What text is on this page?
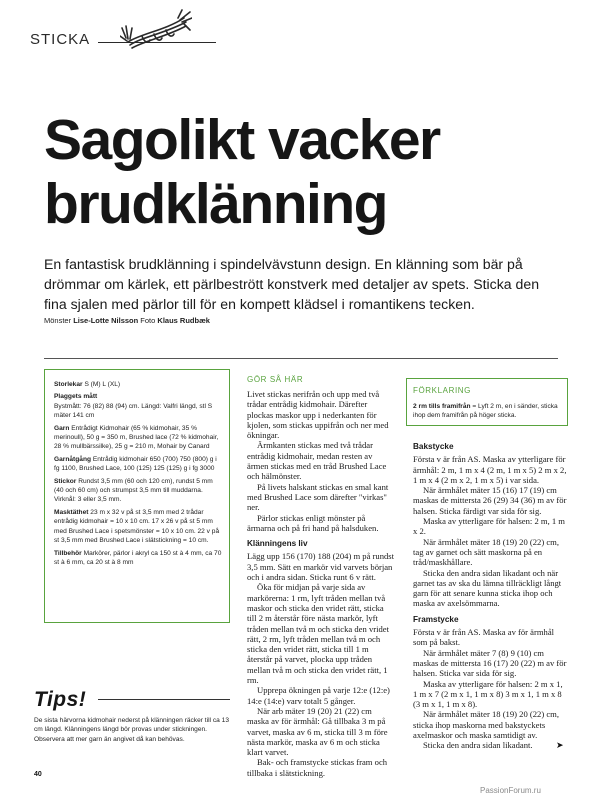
STICKA
Sagolikt vacker
brudklänning
En fantastisk brudklänning i spindelvävstunn design. En klänning som bär på drömmar om kärlek, ett pärlbestrött konstverk med detaljer av spets. Sticka den fina sjalen med pärlor till för en kompett klädsel i romantikens tecken.
Mönster Lise-Lotte Nilsson Foto Klaus Rudbæk

Storlekar S (M) L (XL)

Plaggets mått
Bystmått: 76 (82) 88 (94) cm. Längd: Valfri längd, stl S mäter 141 cm

Garn Entrådigt Kidmohair (65 % kidmohair, 35 % merinoull), 50 g = 350 m, Brushed lace (72 % kidmohair, 28 % mullbärssilke), 25 g = 210 m, Mohair by Canard

Garnåtgång Entrådig kidmohair 650 (700) 750 (800) g i fg 1100, Brushed Lace, 100 (125) 125 (125) g i fg 3000

Stickor Rundst 3,5 mm (60 och 120 cm), rundst 5 mm (40 och 60 cm) och strumpst 3,5 mm till muddarna. Virknål: 3 eller 3,5 mm.

Masktäthet 23 m x 32 v på st 3,5 mm med 2 trådar entrådig kidmohair = 10 x 10 cm. 17 x 26 v på st 5 mm med Brushed Lace i spetsmönster = 10 x 10 cm. 22 v på st 3,5 mm med Brushed Lace i slätstickning = 10 cm.

Tillbehör Markörer, pärlor i akryl ca 150 st à 4 mm, ca 70 st à 6 mm, ca 20 st à 8 mm

GÖR SÅ HÄR

Livet stickas nerifrån och upp med två trådar entrådig kidmohair. Därefter plockas maskor upp i nederkanten för kjolen, som stickas uppifrån och ner med ökningar.

Ärmkanten stickas med två trådar entrådig kidmohair, medan resten av ärmen stickas med en tråd Brushed Lace och hälmönster.

På livets halskant stickas en smal kant med Brushed Lace som därefter "virkas" ner.

Pärlor stickas enligt mönster på ärmarna och på fri hand på halsduken.

Klänningens liv

Lägg upp 156 (170) 188 (204) m på rundst 3,5 mm. Sätt en markör vid varvets början och i andra sidan. Sticka runt 6 v rätt.

Öka för midjan på varje sida av markörerna: 1 rm, lyft tråden mellan två maskor och sticka den vridet rätt, sticka till 2 m återstår före nästa markör, lyft tråden mellan två m och sticka den vridet rätt, 2 rm, lyft tråden mellan två m och sticka den vridet rätt, sticka till 1 m återstår på varvet, plocka upp tråden mellan två m och sticka den vridet rätt, 1 rm.

Upprepa ökningen på varje 12:e (12:e) 14:e (14:e) varv totalt 5 gånger.

När arb mäter 19 (20) 21 (22) cm maska av för ärmhål: Gå tillbaka 3 m på varvet, maska av 6 m, sticka till 3 m före nästa markör, maska av 6 m och sticka klart varvet.

Bak- och framstycke stickas fram och tillbaka i slätstickning.

FÖRKLARING
2 rm tills framifrån = Lyft 2 m, en i sänder, sticka ihop dem framifrån på höger sticka.
Bakstycke

Första v är från AS. Maska av ytterligare för ärmhål: 2 m, 1 m x 4 (2 m, 1 m x 5) 2 m x 2, 1 m x 4 (2 m x 2, 1 m x 5) i var sida.

När ärmhålet mäter 15 (16) 17 (19) cm maskas de mittersta 26 (29) 34 (36) m av för halsen. Sticka färdigt var sida för sig.

Maska av ytterligare för halsen: 2 m, 1 m x 2.

När ärmhålet mäter 18 (19) 20 (22) cm, tag av garnet och sätt maskorna på en tråd/maskhållare.

Sticka den andra sidan likadant och när garnet tas av ska du lämna tillräckligt långt garn för att senare kunna sticka ihop och maska av axelsömmarna.

Framstycke

Första v är från AS. Maska av för ärmhål som på bakst.

När ärmhålet mäter 7 (8) 9 (10) cm maskas de mittersta 16 (17) 20 (22) m av för halsen. Sticka var sida för sig.

Maska av ytterligare för halsen: 2 m x 1, 1 m x 7 (2 m x 1, 1 m x 8) 3 m x 1, 1 m x 8 (3 m x 1, 1 m x 8).

När ärmhålet mäter 18 (19) 20 (22) cm, sticka ihop maskorna med bakstyckets axelmaskor och maska samtidigt av.

Sticka den andra sidan likadant.	➤
Tips!
De sista härvorna kidmohair nederst på klänningen räcker till ca 13 cm längd. Klänningens längd bör provas under stickningen. Observera att mer garn än angivet då kan behövas.
40
PassionForum.ru
